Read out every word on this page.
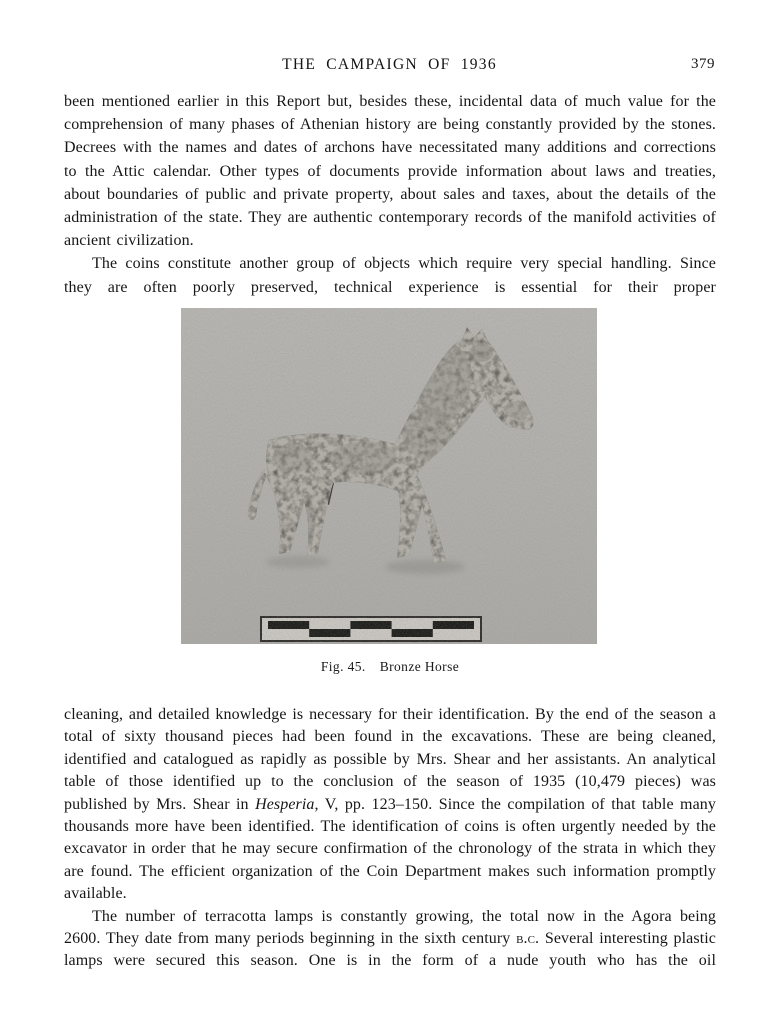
THE CAMPAIGN OF 1936	379

been mentioned earlier in this Report but, besides these, incidental data of much value for the comprehension of many phases of Athenian history are being constantly provided by the stones. Decrees with the names and dates of archons have necessitated many additions and corrections to the Attic calendar. Other types of documents provide information about laws and treaties, about boundaries of public and private property, about sales and taxes, about the details of the administration of the state. They are authentic contemporary records of the manifold activities of ancient civilization.

The coins constitute another group of objects which require very special handling. Since they are often poorly preserved, technical experience is essential for their proper

Fig. 45. Bronze Horse

cleaning, and detailed knowledge is necessary for their identification. By the end of the season a total of sixty thousand pieces had been found in the excavations. These are being cleaned, identified and catalogued as rapidly as possible by Mrs. Shear and her assistants. An analytical table of those identified up to the conclusion of the season of 1935 (10,479 pieces) was published by Mrs. Shear in Hesperia, V, pp. 123–150. Since the compilation of that table many thousands more have been identified. The identification of coins is often urgently needed by the excavator in order that he may secure confirmation of the chronology of the strata in which they are found. The efficient organization of the Coin Department makes such information promptly available.

The number of terracotta lamps is constantly growing, the total now in the Agora being 2600. They date from many periods beginning in the sixth century b.c. Several interesting plastic lamps were secured this season. One is in the form of a nude youth who has the oil
